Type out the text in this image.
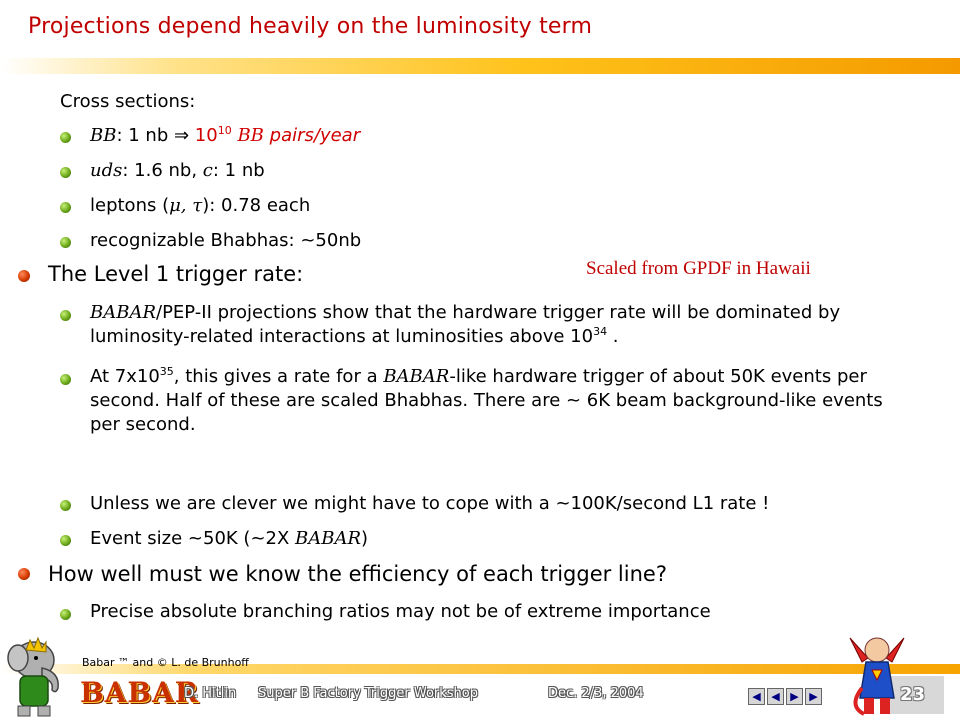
Projections depend heavily on the luminosity term
Cross sections:
BB: 1 nb ⇒ $10^{10}$ BB pairs/year
uds: 1.6 nb, c: 1 nb
leptons (μ, τ): 0.78 each
recognizable Bhabhas: ~50nb
Scaled from GPDF in Hawaii
The Level 1 trigger rate:
BABAR/PEP-II projections show that the hardware trigger rate will be dominated by luminosity-related interactions at luminosities above $10^{34}$ .
At $7x10^{35}$, this gives a rate for a BABAR-like hardware trigger of about 50K events per second. Half of these are scaled Bhabhas. There are ~ 6K beam background-like events per second.
Unless we are clever we might have to cope with a ~100K/second L1 rate !
Event size ~50K (~2X BABAR)
How well must we know the efficiency of each trigger line?
Precise absolute branching ratios may not be of extreme importance
Babar ™ and © L. de Brunhoff
BABAR
D. Hitlin Super B Factory Trigger Workshop	Dec. 2/3, 2004	◀ ◀ ▶ ▶	23
